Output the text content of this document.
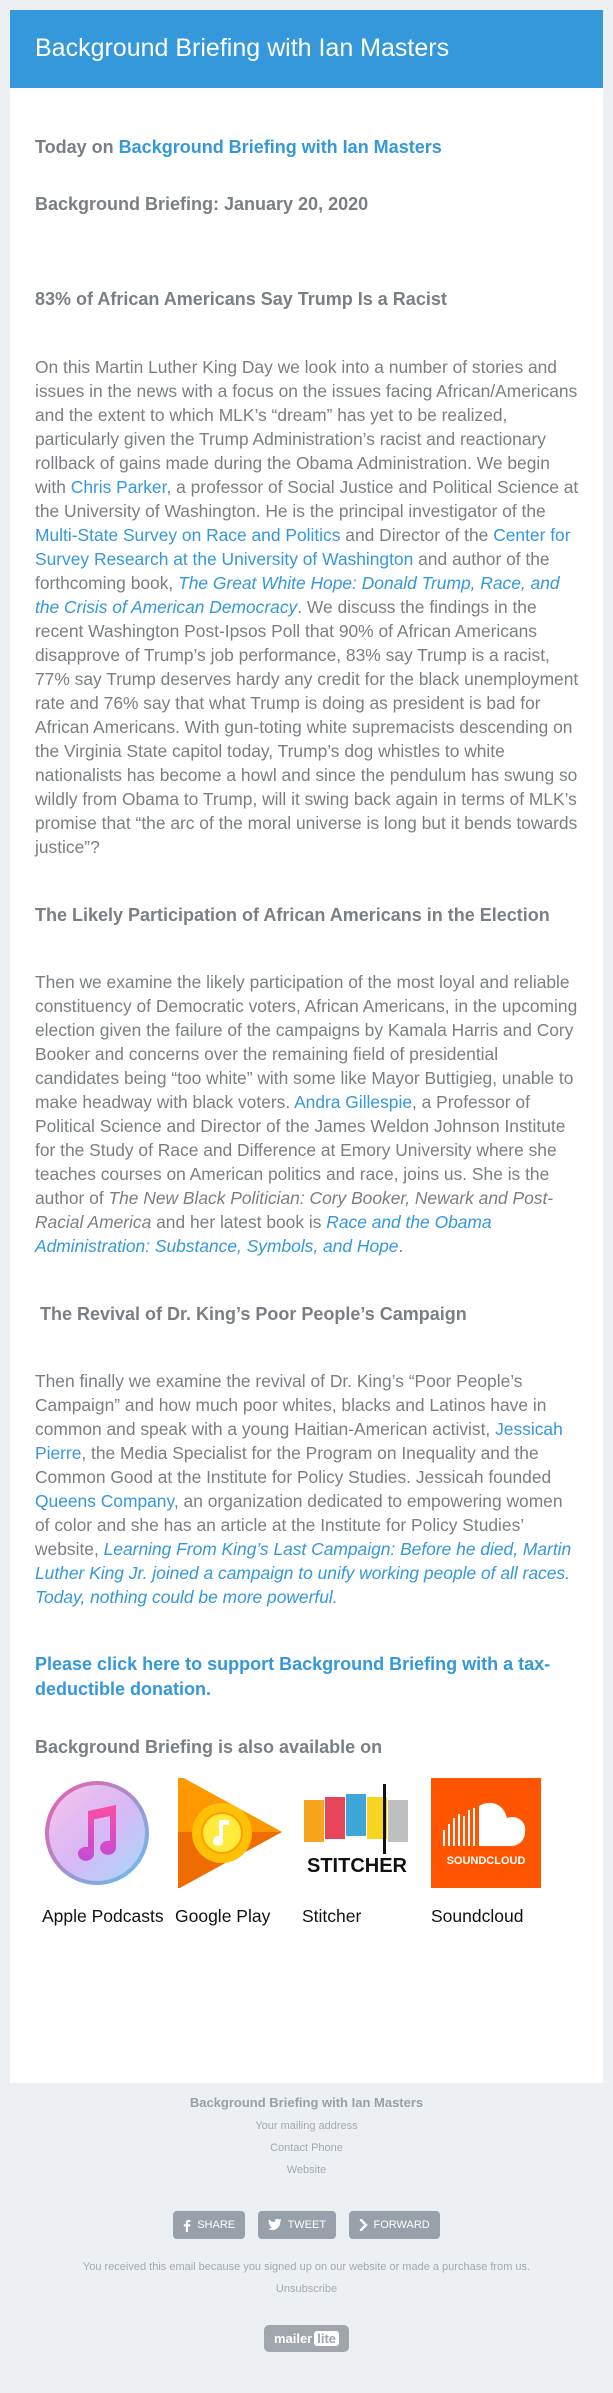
Background Briefing with Ian Masters

Today on Background Briefing with Ian Masters

Background Briefing: January 20, 2020

83% of African Americans Say Trump Is a Racist

On this Martin Luther King Day we look into a number of stories and issues in the news with a focus on the issues facing African/Americans and the extent to which MLK’s “dream” has yet to be realized, particularly given the Trump Administration’s racist and reactionary rollback of gains made during the Obama Administration. We begin with Chris Parker, a professor of Social Justice and Political Science at the University of Washington. He is the principal investigator of the Multi-State Survey on Race and Politics and Director of the Center for Survey Research at the University of Washington and author of the forthcoming book, The Great White Hope: Donald Trump, Race, and the Crisis of American Democracy. We discuss the findings in the recent Washington Post-Ipsos Poll that 90% of African Americans disapprove of Trump’s job performance, 83% say Trump is a racist, 77% say Trump deserves hardy any credit for the black unemployment rate and 76% say that what Trump is doing as president is bad for African Americans. With gun-toting white supremacists descending on the Virginia State capitol today, Trump’s dog whistles to white nationalists has become a howl and since the pendulum has swung so wildly from Obama to Trump, will it swing back again in terms of MLK’s promise that “the arc of the moral universe is long but it bends towards justice”?

The Likely Participation of African Americans in the Election

Then we examine the likely participation of the most loyal and reliable constituency of Democratic voters, African Americans, in the upcoming election given the failure of the campaigns by Kamala Harris and Cory Booker and concerns over the remaining field of presidential candidates being “too white” with some like Mayor Buttigieg, unable to make headway with black voters. Andra Gillespie, a Professor of Political Science and Director of the James Weldon Johnson Institute for the Study of Race and Difference at Emory University where she teaches courses on American politics and race, joins us. She is the author of The New Black Politician: Cory Booker, Newark and Post-Racial America and her latest book is Race and the Obama Administration: Substance, Symbols, and Hope.

The Revival of Dr. King’s Poor People’s Campaign

Then finally we examine the revival of Dr. King’s “Poor People’s Campaign” and how much poor whites, blacks and Latinos have in common and speak with a young Haitian-American activist, Jessicah Pierre, the Media Specialist for the Program on Inequality and the Common Good at the Institute for Policy Studies. Jessicah founded Queens Company, an organization dedicated to empowering women of color and she has an article at the Institute for Policy Studies’ website, Learning From King’s Last Campaign: Before he died, Martin Luther King Jr. joined a campaign to unify working people of all races. Today, nothing could be more powerful.

Please click here to support Background Briefing with a tax-deductible donation.

Background Briefing is also available on

Apple Podcasts Google Play
STITCHER
Stitcher
SOUNDCLOUD
Soundcloud
Background Briefing with Ian Masters
Your mailing address
Contact Phone
Website
SHARE	TWEET	FORWARD
You received this email because you signed up on our website or made a purchase from us.
Unsubscribe
mailer lite
